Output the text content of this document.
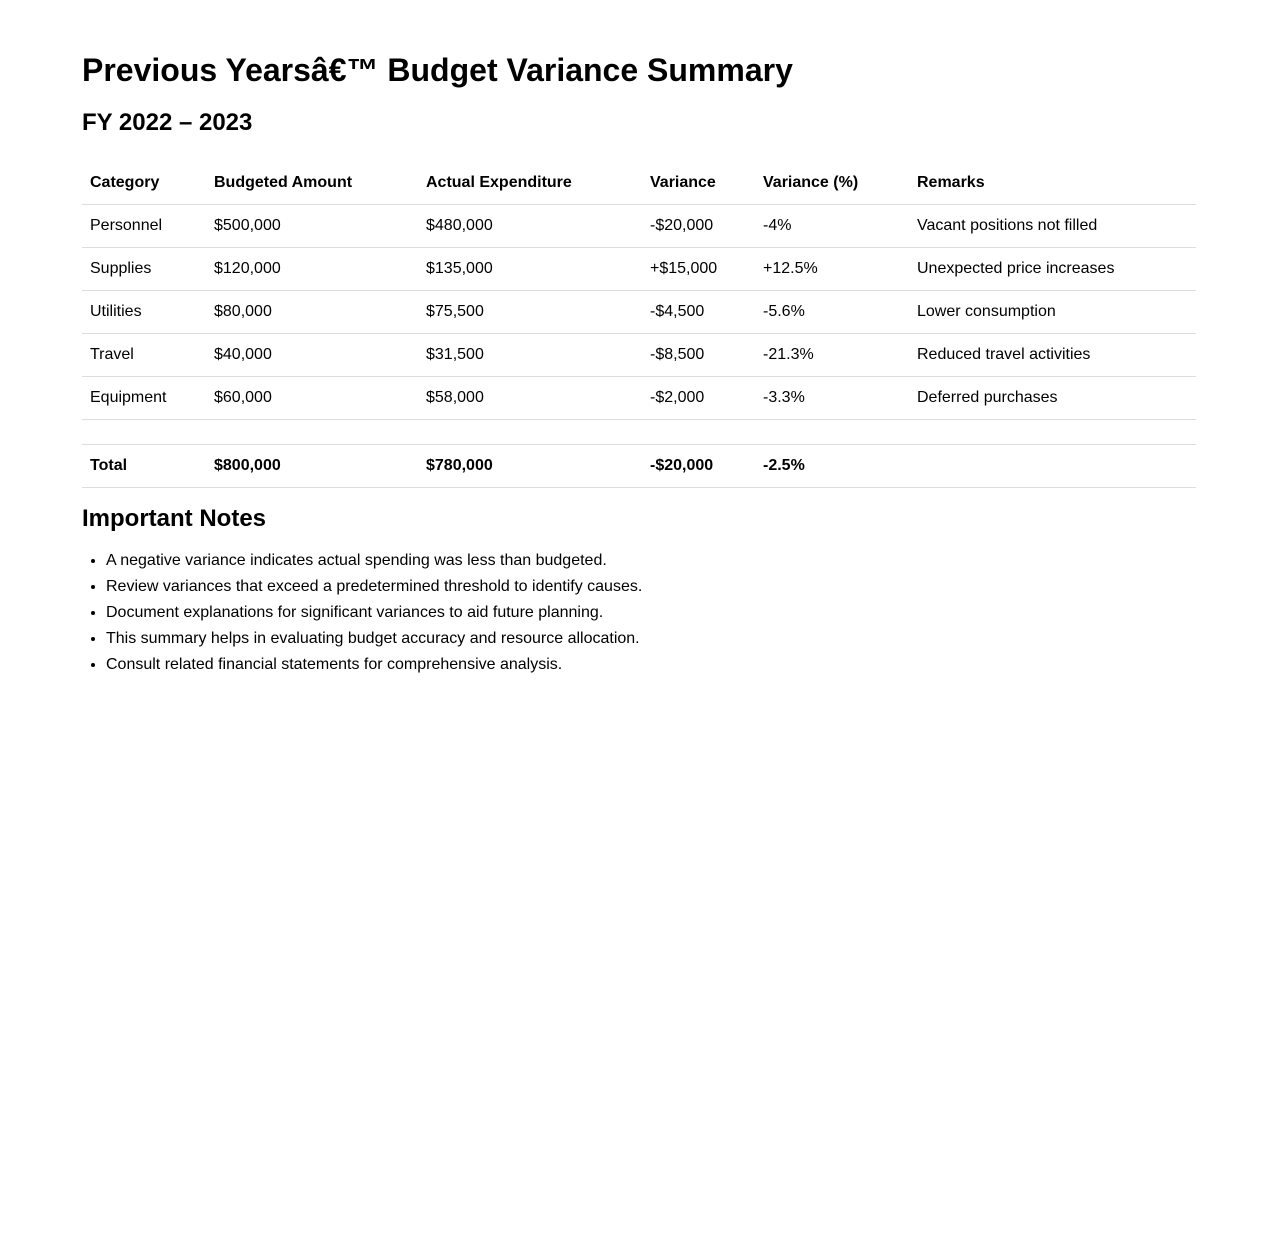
Previous Yearsâ€™ Budget Variance Summary
FY 2022 – 2023
Category	Budgeted Amount	Actual Expenditure	Variance	Variance (%)	Remarks
Personnel	$500,000	$480,000	-$20,000	-4%	Vacant positions not filled
Supplies	$120,000	$135,000	+$15,000	+12.5%	Unexpected price increases
Utilities	$80,000	$75,500	-$4,500	-5.6%	Lower consumption
Travel	$40,000	$31,500	-$8,500	-21.3%	Reduced travel activities
Equipment	$60,000	$58,000	-$2,000	-3.3%	Deferred purchases

Total	$800,000	$780,000	-$20,000	-2.5%	
Important Notes
• A negative variance indicates actual spending was less than budgeted.
• Review variances that exceed a predetermined threshold to identify causes.
• Document explanations for significant variances to aid future planning.
• This summary helps in evaluating budget accuracy and resource allocation.
• Consult related financial statements for comprehensive analysis.
